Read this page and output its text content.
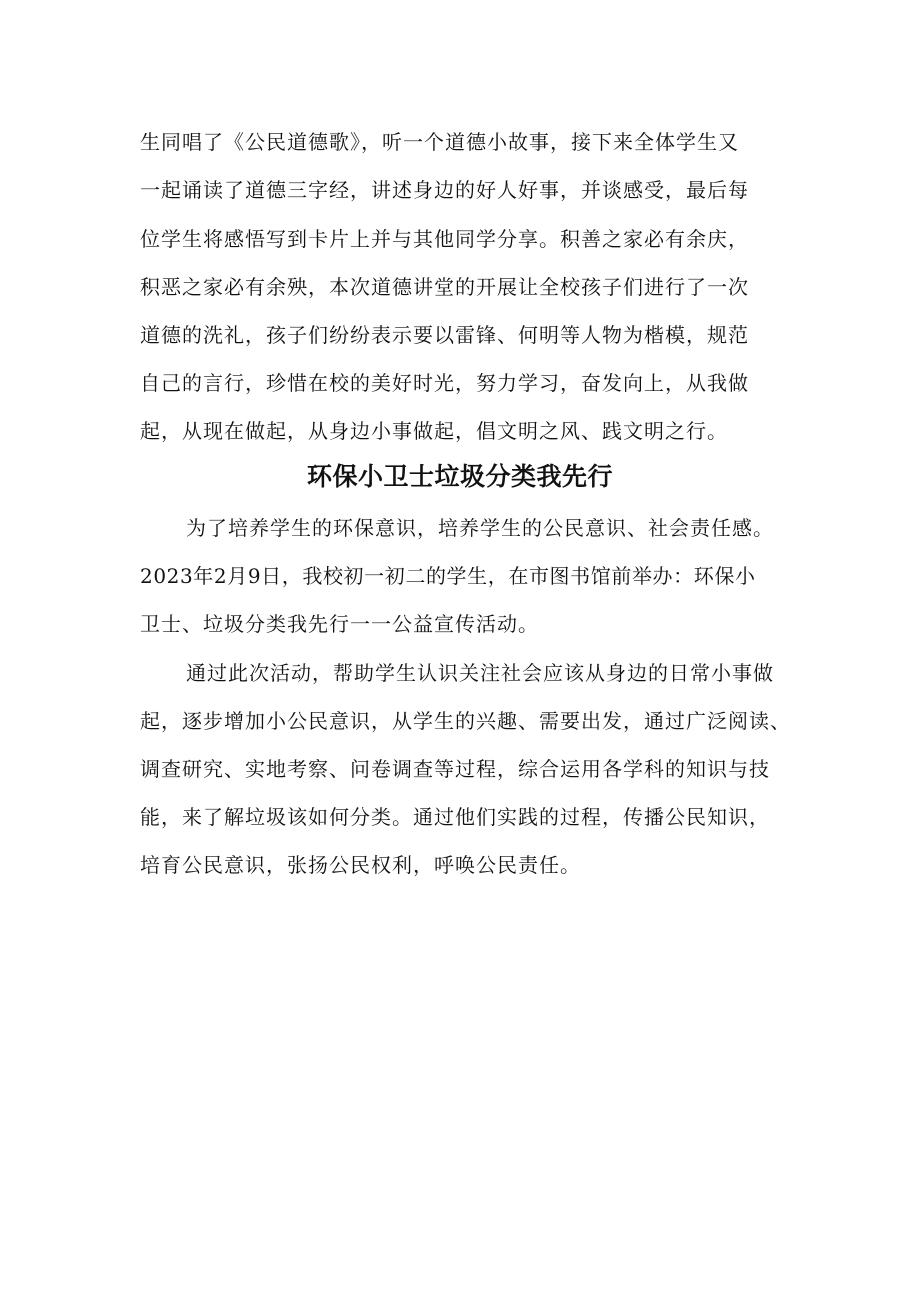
生同唱了《公民道德歌》，听一个道德小故事，接下来全体学生又
一起诵读了道德三字经，讲述身边的好人好事，并谈感受，最后每
位学生将感悟写到卡片上并与其他同学分享。积善之家必有余庆，
积恶之家必有余殃，本次道德讲堂的开展让全校孩子们进行了一次
道德的洗礼，孩子们纷纷表示要以雷锋、何明等人物为楷模，规范
自己的言行，珍惜在校的美好时光，努力学习，奋发向上，从我做
起，从现在做起，从身边小事做起，倡文明之风、践文明之行。
环保小卫士垃圾分类我先行
为了培养学生的环保意识，培养学生的公民意识、社会责任感。
2023年2月9日，我校初一初二的学生，在市图书馆前举办：环保小
卫士、垃圾分类我先行一一公益宣传活动。
通过此次活动，帮助学生认识关注社会应该从身边的日常小事做
起，逐步增加小公民意识，从学生的兴趣、需要出发，通过广泛阅读、
调查研究、实地考察、问卷调查等过程，综合运用各学科的知识与技
能，来了解垃圾该如何分类。通过他们实践的过程，传播公民知识，
培育公民意识，张扬公民权利，呼唤公民责任。
